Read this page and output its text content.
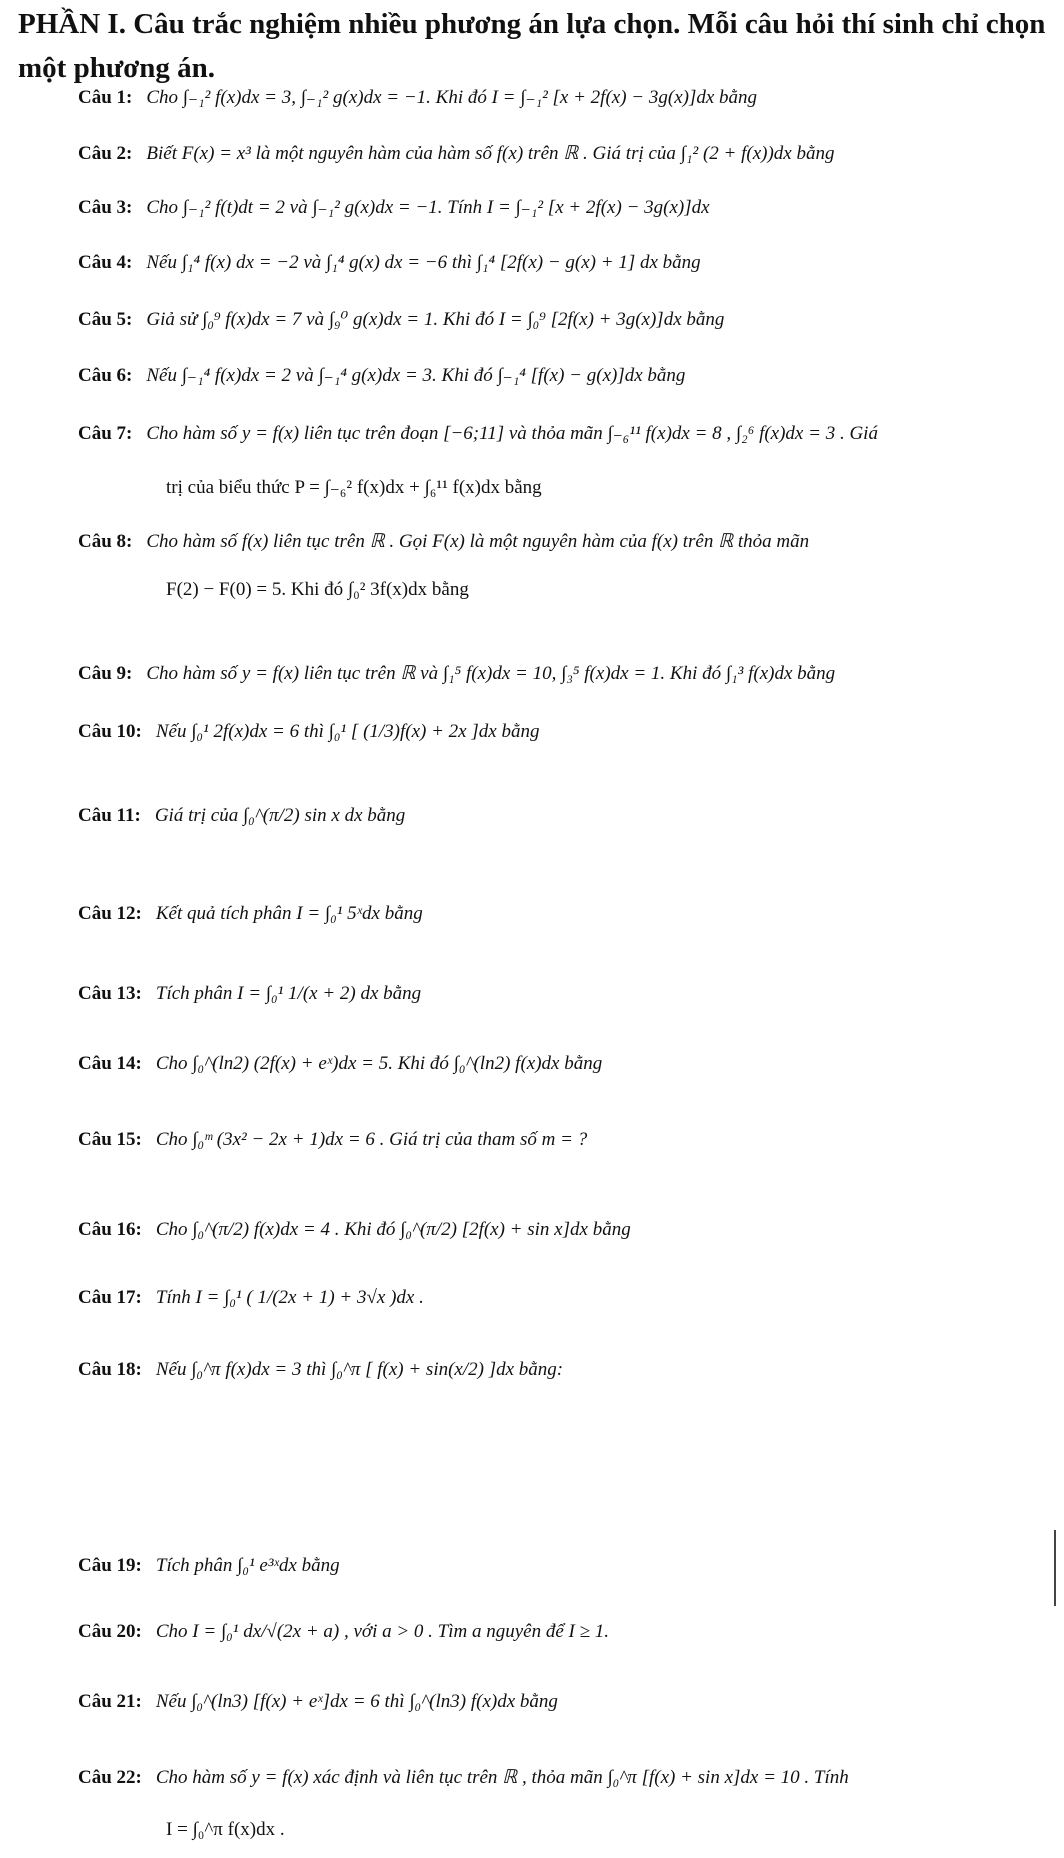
PHẦN I. Câu trắc nghiệm nhiều phương án lựa chọn. Mỗi câu hỏi thí sinh chỉ chọn một phương án.
Câu 1: Cho ∫₋₁² f(x)dx = 3, ∫₋₁² g(x)dx = −1. Khi đó I = ∫₋₁² [x + 2f(x) − 3g(x)]dx bằng
Câu 2: Biết F(x) = x³ là một nguyên hàm của hàm số f(x) trên ℝ . Giá trị của ∫₁² (2 + f(x))dx bằng
Câu 3: Cho ∫₋₁² f(t)dt = 2 và ∫₋₁² g(x)dx = −1. Tính I = ∫₋₁² [x + 2f(x) − 3g(x)]dx
Câu 4: Nếu ∫₁⁴ f(x) dx = −2 và ∫₁⁴ g(x) dx = −6 thì ∫₁⁴ [2f(x) − g(x) + 1] dx bằng
Câu 5: Giả sử ∫₀⁹ f(x)dx = 7 và ∫₉⁰ g(x)dx = 1. Khi đó I = ∫₀⁹ [2f(x) + 3g(x)]dx bằng
Câu 6: Nếu ∫₋₁⁴ f(x)dx = 2 và ∫₋₁⁴ g(x)dx = 3. Khi đó ∫₋₁⁴ [f(x) − g(x)]dx bằng
Câu 7: Cho hàm số y = f(x) liên tục trên đoạn [−6;11] và thỏa mãn ∫₋₆¹¹ f(x)dx = 8 , ∫₂⁶ f(x)dx = 3 . Giá
trị của biểu thức P = ∫₋₆² f(x)dx + ∫₆¹¹ f(x)dx bằng
Câu 8: Cho hàm số f(x) liên tục trên ℝ . Gọi F(x) là một nguyên hàm của f(x) trên ℝ thỏa mãn
F(2) − F(0) = 5. Khi đó ∫₀² 3f(x)dx bằng
Câu 9: Cho hàm số y = f(x) liên tục trên ℝ và ∫₁⁵ f(x)dx = 10, ∫₃⁵ f(x)dx = 1. Khi đó ∫₁³ f(x)dx bằng
Câu 10: Nếu ∫₀¹ 2f(x)dx = 6 thì ∫₀¹ [ (1/3)f(x) + 2x ]dx bằng
Câu 11: Giá trị của ∫₀^(π/2) sin x dx bằng
Câu 12: Kết quả tích phân I = ∫₀¹ 5ˣdx bằng
Câu 13: Tích phân I = ∫₀¹ 1/(x + 2) dx bằng
Câu 14: Cho ∫₀^(ln2) (2f(x) + eˣ)dx = 5. Khi đó ∫₀^(ln2) f(x)dx bằng
Câu 15: Cho ∫₀ᵐ (3x² − 2x + 1)dx = 6 . Giá trị của tham số m = ?
Câu 16: Cho ∫₀^(π/2) f(x)dx = 4 . Khi đó ∫₀^(π/2) [2f(x) + sin x]dx bằng
Câu 17: Tính I = ∫₀¹ ( 1/(2x + 1) + 3√x )dx .
Câu 18: Nếu ∫₀^π f(x)dx = 3 thì ∫₀^π [ f(x) + sin(x/2) ]dx bằng:
Câu 19: Tích phân ∫₀¹ e³ˣdx bằng
Câu 20: Cho I = ∫₀¹ dx/√(2x + a) , với a > 0 . Tìm a nguyên để I ≥ 1.
Câu 21: Nếu ∫₀^(ln3) [f(x) + eˣ]dx = 6 thì ∫₀^(ln3) f(x)dx bằng
Câu 22: Cho hàm số y = f(x) xác định và liên tục trên ℝ , thỏa mãn ∫₀^π [f(x) + sin x]dx = 10 . Tính
I = ∫₀^π f(x)dx .
